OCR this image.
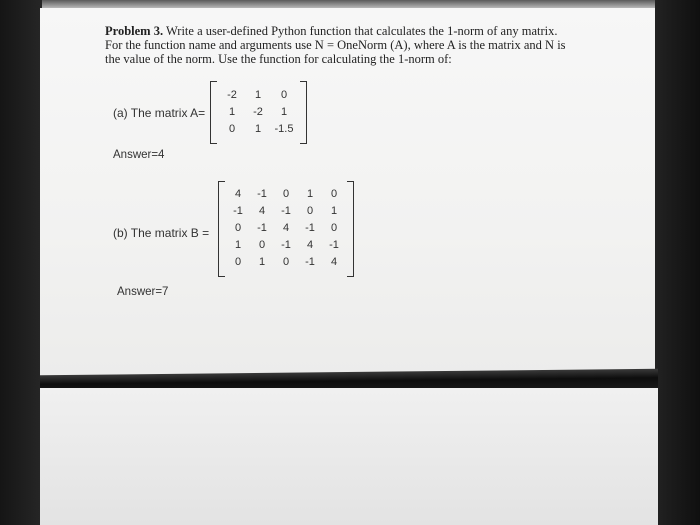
Problem 3. Write a user-defined Python function that calculates the 1-norm of any matrix. For the function name and arguments use N = OneNorm (A), where A is the matrix and N is the value of the norm. Use the function for calculating the 1-norm of:

(a) The matrix A=
-2	1	0
1	-2	1
0	1	-1.5
Answer=4
(b) The matrix B =
4	-1	0	1	0
-1	4	-1	0	1
0	-1	4	-1	0
1	0	-1	4	-1
0	1	0	-1	4
Answer=7
